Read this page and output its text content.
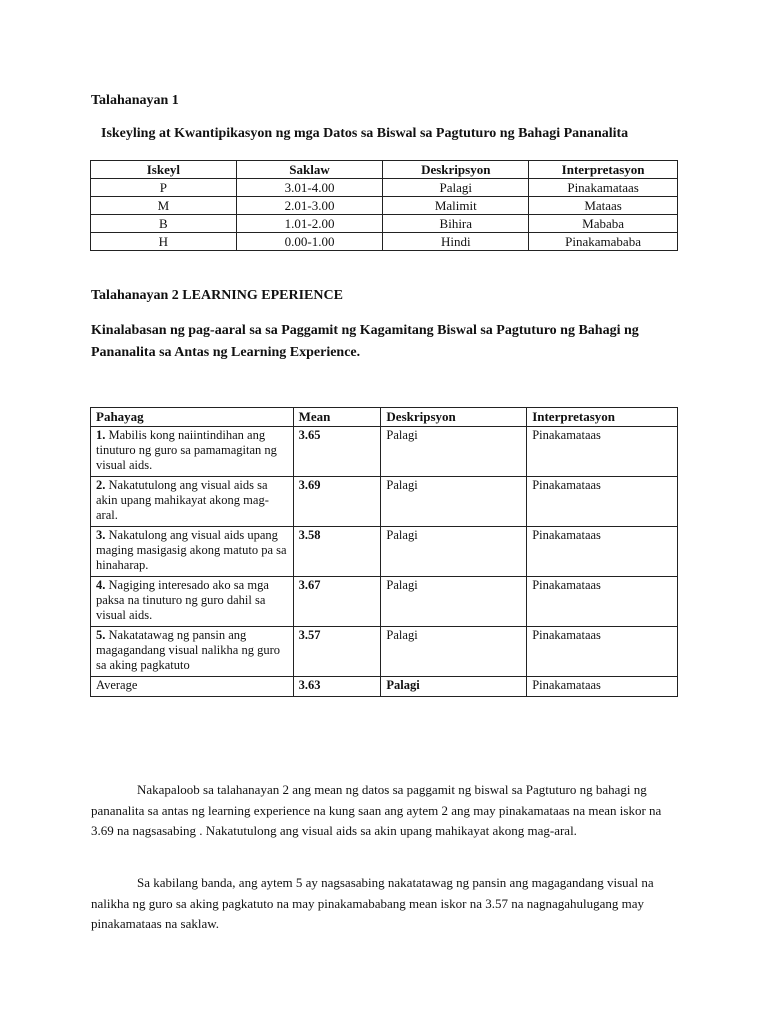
Talahanayan 1
Iskeyling at Kwantipikasyon ng mga Datos sa Biswal sa Pagtuturo ng Bahagi Pananalita
Iskeyl	Saklaw	Deskripsyon	Interpretasyon
P	3.01-4.00	Palagi	Pinakamataas
M	2.01-3.00	Malimit	Mataas
B	1.01-2.00	Bihira	Mababa
H	0.00-1.00	Hindi	Pinakamababa
Talahanayan 2 LEARNING EPERIENCE
Kinalabasan ng pag-aaral sa sa Paggamit ng Kagamitang Biswal sa Pagtuturo ng Bahagi ng Pananalita sa Antas ng Learning Experience.
Pahayag	Mean	Deskripsyon	Interpretasyon
1. Mabilis kong naiintindihan ang tinuturo ng guro sa pamamagitan ng visual aids.	3.65	Palagi	Pinakamataas
2. Nakatutulong ang visual aids sa akin upang mahikayat akong mag-aral.	3.69	Palagi	Pinakamataas
3. Nakatulong ang visual aids upang maging masigasig akong matuto pa sa hinaharap.	3.58	Palagi	Pinakamataas
4. Nagiging interesado ako sa mga paksa na tinuturo ng guro dahil sa visual aids.	3.67	Palagi	Pinakamataas
5. Nakatatawag ng pansin ang magagandang visual nalikha ng guro sa aking pagkatuto	3.57	Palagi	Pinakamataas
Average	3.63	Palagi	Pinakamataas

Nakapaloob sa talahanayan 2 ang mean ng datos sa paggamit ng biswal sa Pagtuturo ng bahagi ng pananalita sa antas ng learning experience na kung saan ang aytem 2 ang may pinakamataas na mean iskor na 3.69 na nagsasabing . Nakatutulong ang visual aids sa akin upang mahikayat akong mag-aral.

Sa kabilang banda, ang aytem 5 ay nagsasabing nakatatawag ng pansin ang magagandang visual na nalikha ng guro sa aking pagkatuto na may pinakamababang mean iskor na 3.57 na nagnagahulugang may pinakamataas na saklaw.
